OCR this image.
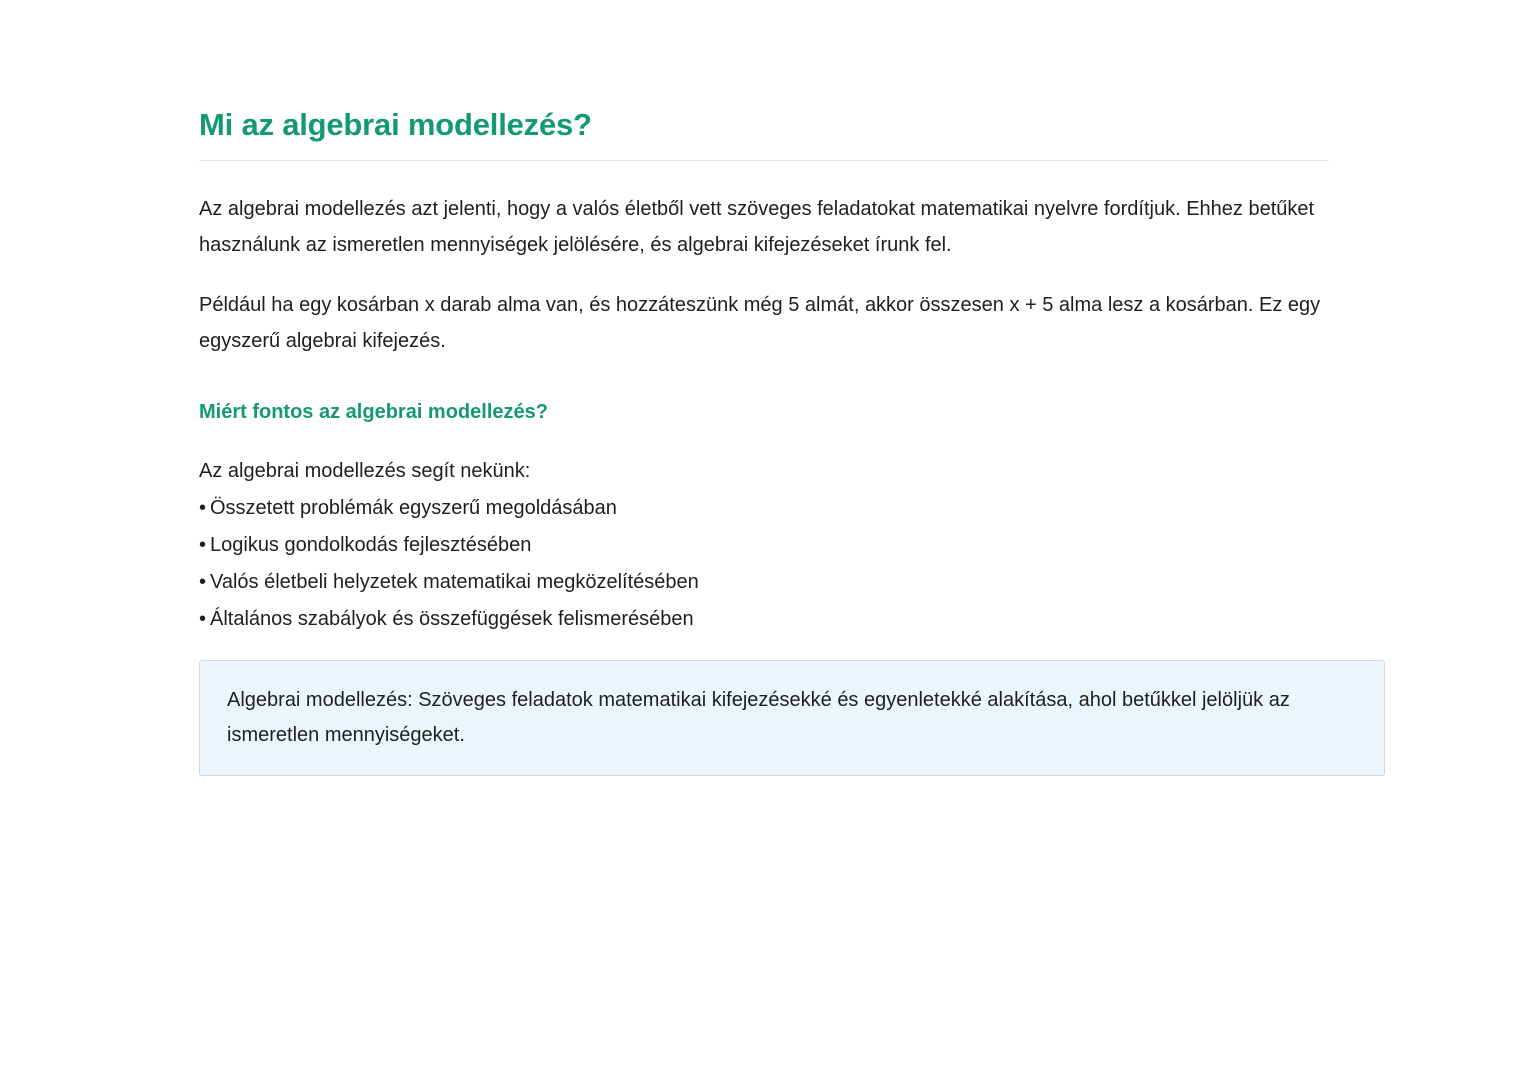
Mi az algebrai modellezés?

Az algebrai modellezés azt jelenti, hogy a valós életből vett szöveges feladatokat matematikai nyelvre fordítjuk. Ehhez betűket használunk az ismeretlen mennyiségek jelölésére, és algebrai kifejezéseket írunk fel.

Például ha egy kosárban x darab alma van, és hozzáteszünk még 5 almát, akkor összesen x + 5 alma lesz a kosárban. Ez egy egyszerű algebrai kifejezés.

Miért fontos az algebrai modellezés?

Az algebrai modellezés segít nekünk:

• Összetett problémák egyszerű megoldásában
• Logikus gondolkodás fejlesztésében
• Valós életbeli helyzetek matematikai megközelítésében
• Általános szabályok és összefüggések felismerésében

Algebrai modellezés: Szöveges feladatok matematikai kifejezésekké és egyenletekké alakítása, ahol betűkkel jelöljük az ismeretlen mennyiségeket.
